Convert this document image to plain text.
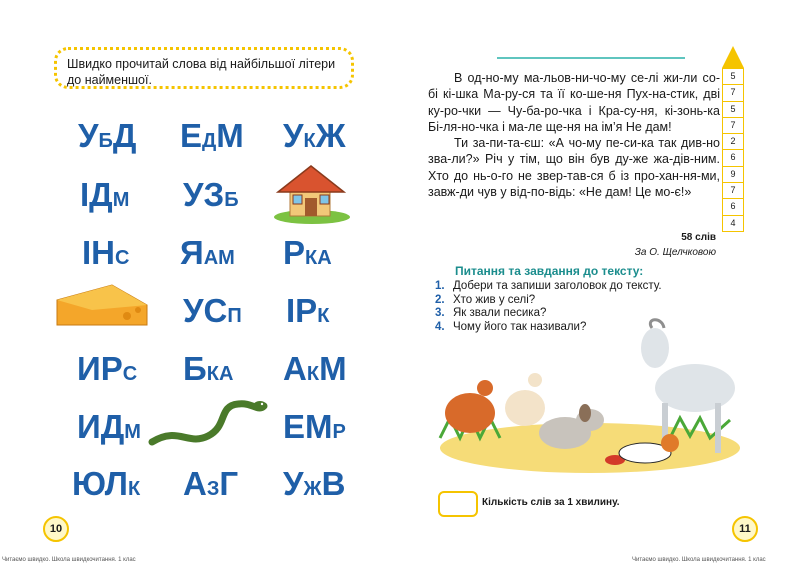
Швидко прочитай слова від найбільшої літери до найменшої.
УБД ЕДМ УКЖ
ІДМ УЗБ
ІНС ЯАМ РКА
УСП ІРК
ИРС БКА АКМ
ИДМ	ЕМР
ЮЛК АЗГ УЖВ
10
Читаємо швидко. Школа швидкочитання. 1 клас

В од-но-му ма-льов-ни-чо-му се-лі жи-ли со-бі кі-шка Ма-ру-ся та її ко-ше-ня Пух-на-стик, дві ку-ро-чки — Чу-ба-ро-чка і Кра-су-ня, кі-зонь-ка Бі-ля-но-чка і ма-ле ще-ня на ім’я Не дам!

Ти за-пи-та-єш: «А чо-му пе-си-ка так див-но зва-ли?» Річ у тім, що він був ду-же жа-дів-ним. Хто до нь-о-го не звер-тав-ся б із про-хан-ня-ми, завж-ди чув у від-по-відь: «Не дам! Це мо-є!»

58 слів
За О. Щелчковою
5
7
5
7
2
6
9
7
6
4
Питання та завдання до тексту:
1. Добери та запиши заголовок до тексту.
2. Хто жив у селі?
3. Як звали песика?
4. Чому його так називали?
Кількість слів за 1 хвилину.
11
Читаємо швидко. Школа швидкочитання. 1 клас
